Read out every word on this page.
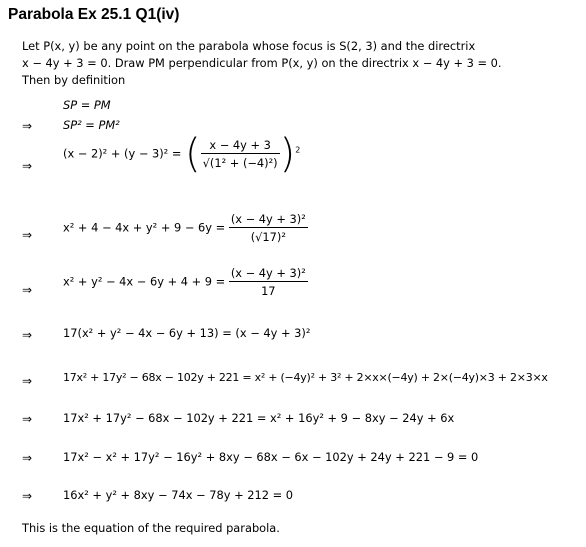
Parabola Ex 25.1 Q1(iv)
Let P(x, y) be any point on the parabola whose focus is S(2, 3) and the directrix
x − 4y + 3 = 0. Draw PM perpendicular from P(x, y) on the directrix x − 4y + 3 = 0.
Then by definition
SP = PM
⇒	SP² = PM²
⇒
(x − 2)² + (y − 3)² = ( $\frac{x - 4y + 3}{\text{√(1² + (−4)²)}} )^2$
⇒
$x^2 + 4 - 4x + y^2 + 9 - 6y = \frac{\text{(x − 4y + 3)²}}{\text{(√17)²}}$
⇒
$x^2 + y^2 - 4x - 6y + 4 + 9 = \frac{\text{(x − 4y + 3)²}}{17}$
⇒	17(x² + y² − 4x − 6y + 13) = (x − 4y + 3)²
⇒	17x² + 17y² − 68x − 102y + 221 = x² + (−4y)² + 3² + 2×x×(−4y) + 2×(−4y)×3 + 2×3×x
⇒	17x² + 17y² − 68x − 102y + 221 = x² + 16y² + 9 − 8xy − 24y + 6x
⇒	17x² − x² + 17y² − 16y² + 8xy − 68x − 6x − 102y + 24y + 221 − 9 = 0
⇒	16x² + y² + 8xy − 74x − 78y + 212 = 0
This is the equation of the required parabola.
